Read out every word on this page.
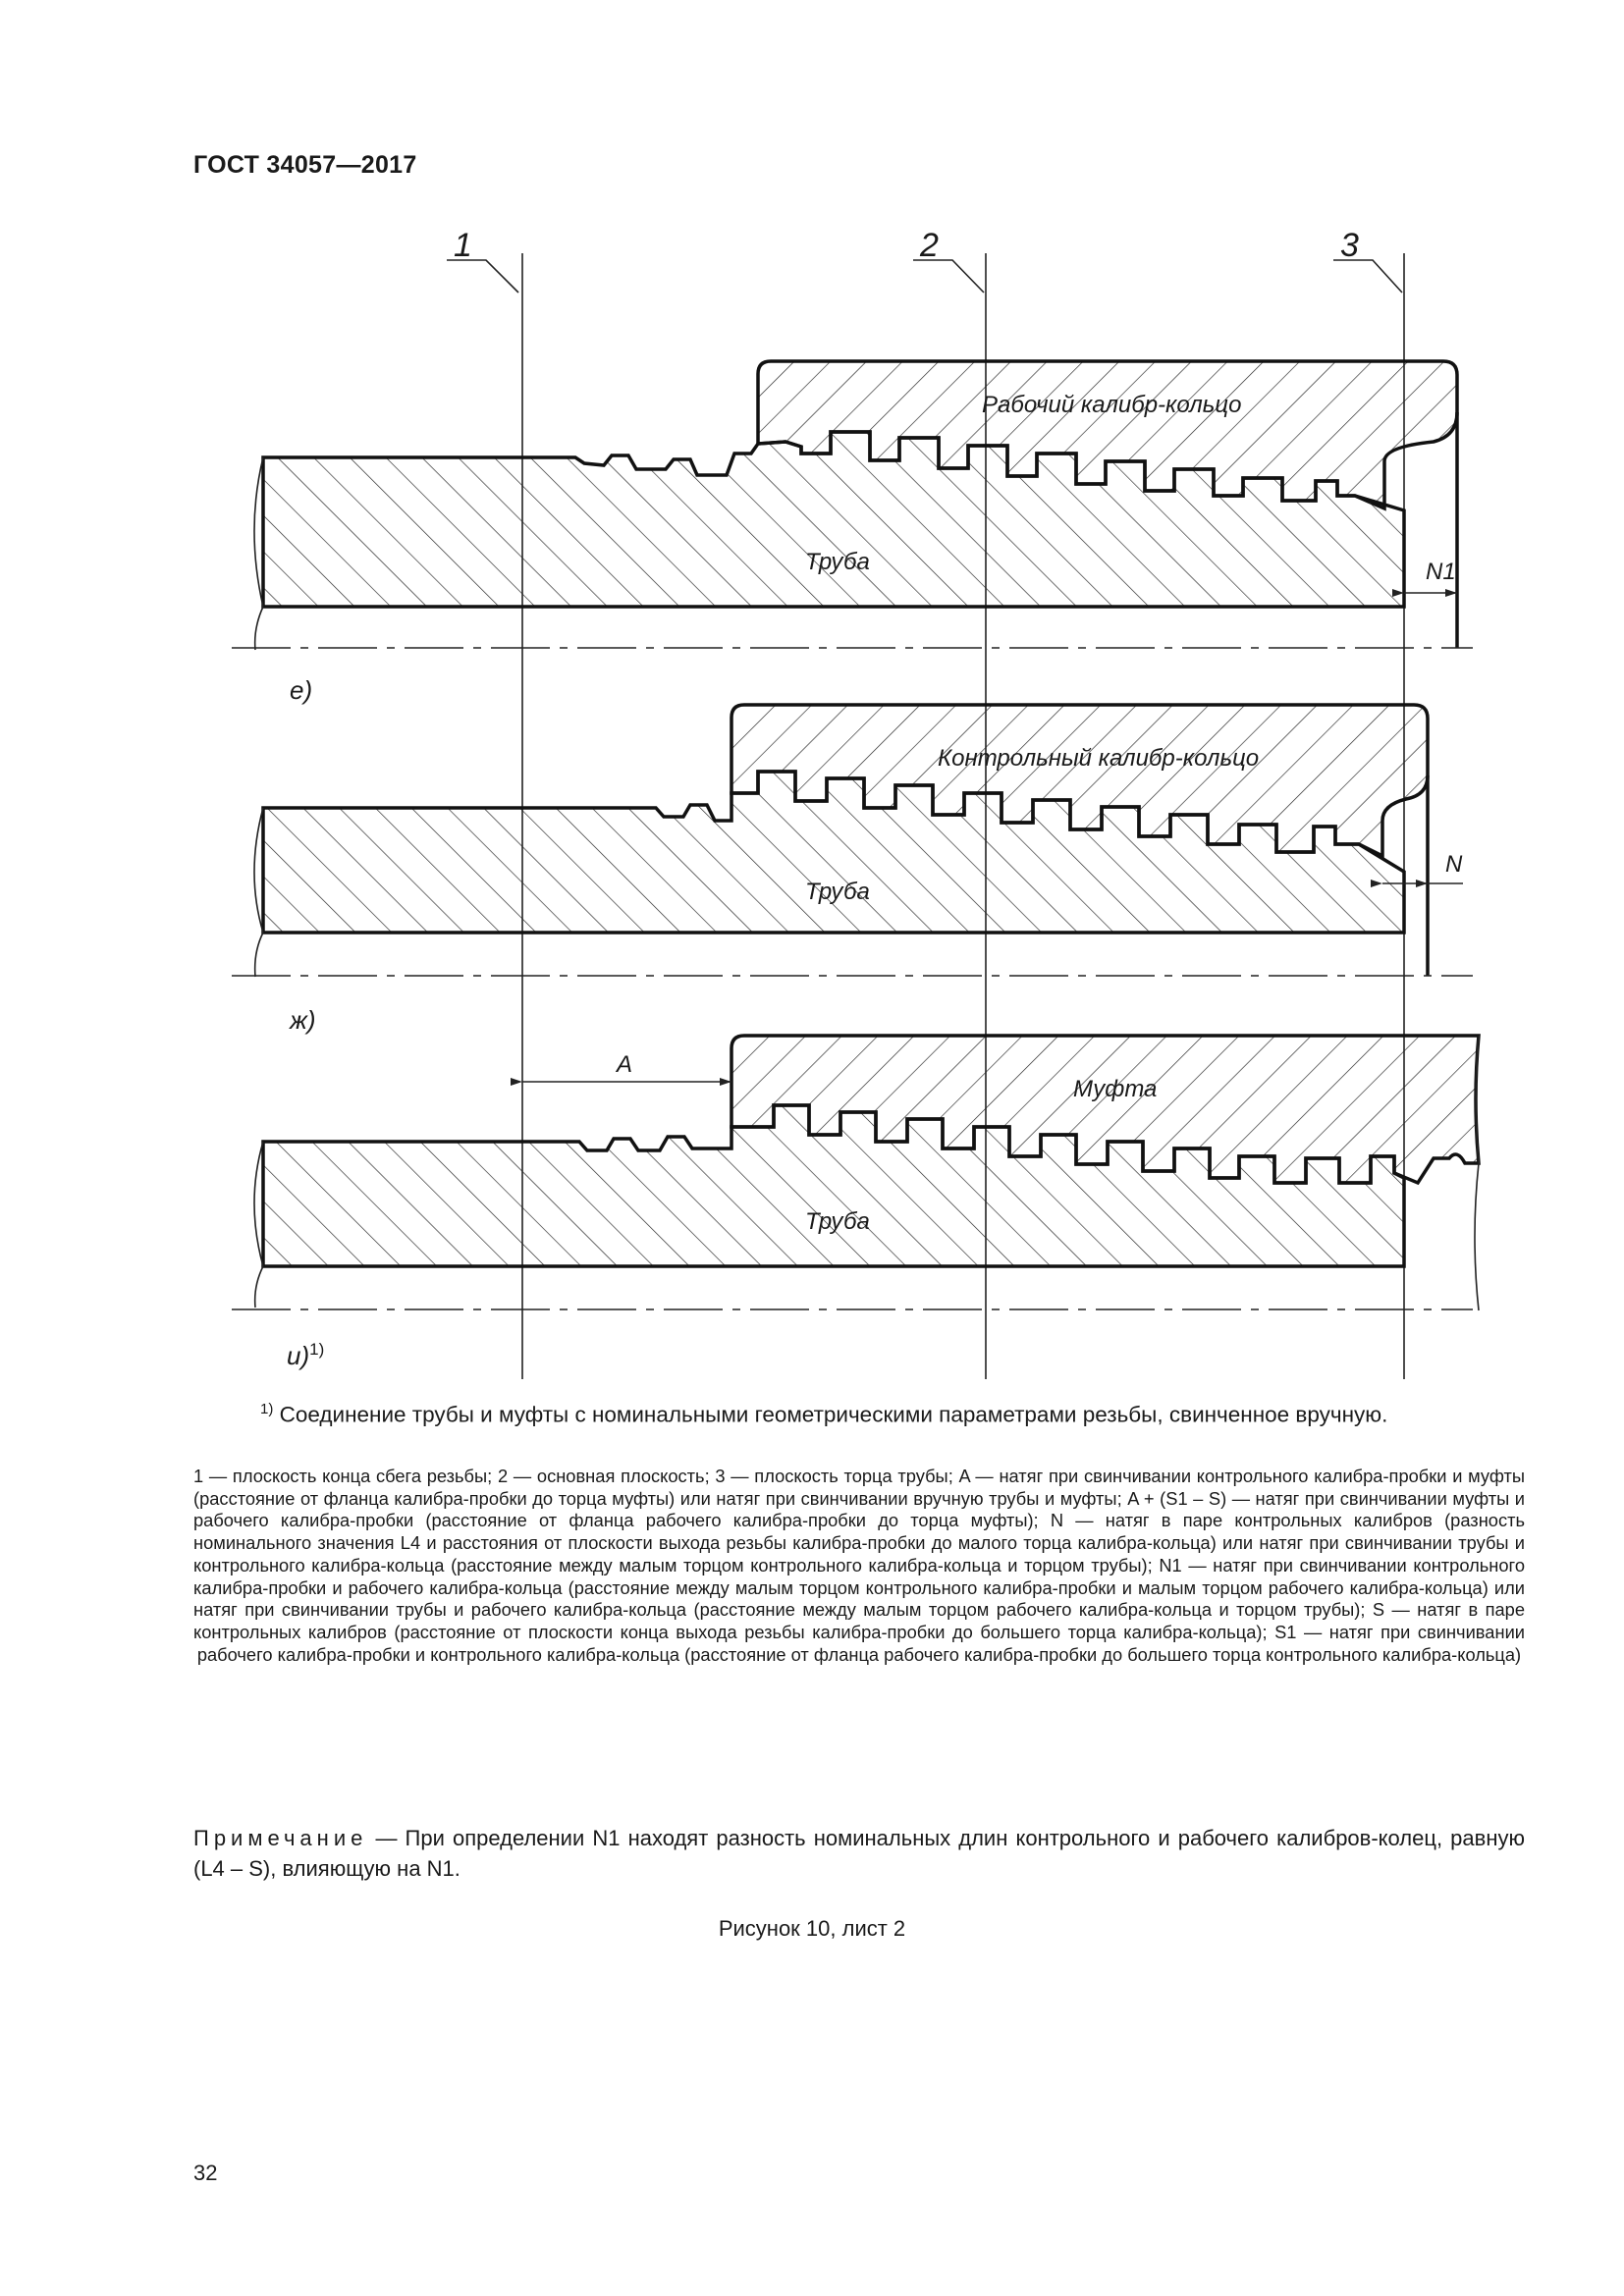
ГОСТ 34057—2017
1	2	3
N1
Рабочий калибр-кольцо
Труба
е)
N
Контрольный калибр-кольцо
Труба
ж)
A
Муфта
Труба
и)$^{1)}$
$^{1)}$ Соединение трубы и муфты с номинальными геометрическими параметрами резьбы, свинченное вручную.
1 — плоскость конца сбега резьбы; 2 — основная плоскость; 3 — плоскость торца трубы; A — натяг при свинчивании контрольного калибра-пробки и муфты (расстояние от фланца калибра-пробки до торца муфты) или натяг при свинчивании вручную трубы и муфты; A + (S1 – S) — натяг при свинчивании муфты и рабочего калибра-пробки (расстояние от фланца рабочего калибра-пробки до торца муфты); N — натяг в паре контрольных калибров (разность номинального значения L4 и расстояния от плоскости выхода резьбы калибра-пробки до малого торца калибра-кольца) или натяг при свинчивании трубы и контрольного калибра-кольца (расстояние между малым торцом контрольного калибра-кольца и торцом трубы); N1 — натяг при свинчивании контрольного калибра-пробки и рабочего калибра-кольца (расстояние между малым торцом контрольного калибра-пробки и малым торцом рабочего калибра-кольца) или натяг при свинчивании трубы и рабочего калибра-кольца (расстояние между малым торцом рабочего калибра-кольца и торцом трубы); S — натяг в паре контрольных калибров (расстояние от плоскости конца выхода резьбы калибра-пробки до большего торца калибра-кольца); S1 — натяг при свинчивании рабочего калибра-пробки и контрольного калибра-кольца (расстояние от фланца рабочего калибра-пробки до большего торца контрольного калибра-кольца)
Примечание — При определении N1 находят разность номинальных длин контрольного и рабочего калибров-колец, равную (L4 – S), влияющую на N1.
Рисунок 10, лист 2
32
